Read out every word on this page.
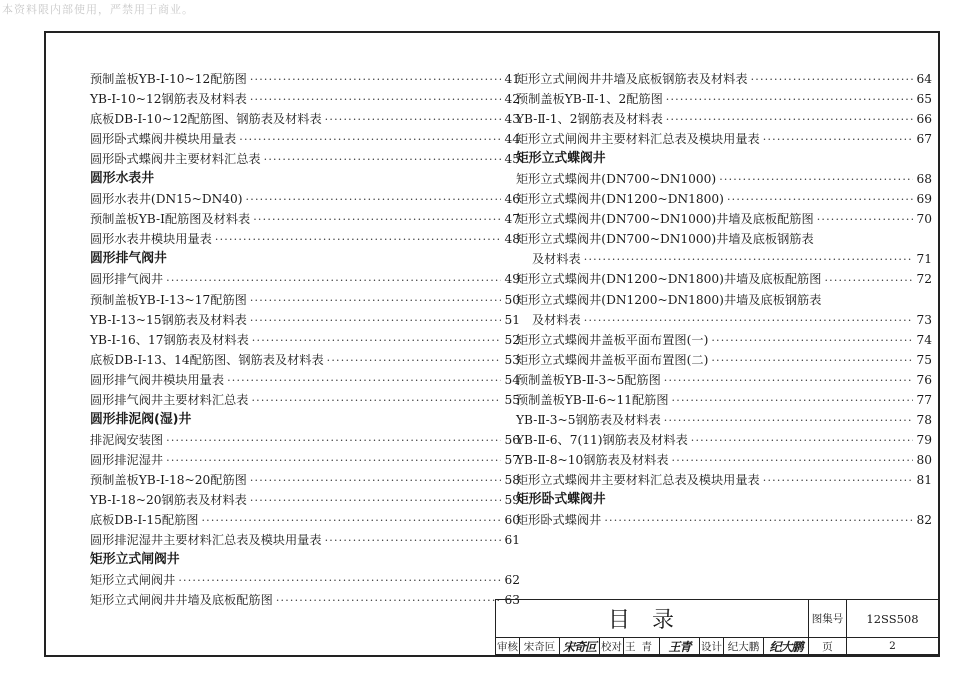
本资料限内部使用，严禁用于商业。
预制盖板YB-Ⅰ-10~12配筋图 ·····	41
YB-Ⅰ-10~12钢筋表及材料表 ·····	42
底板DB-Ⅰ-10~12配筋图、钢筋表及材料表 ·····	43
圆形卧式蝶阀井模块用量表 ·····	44
圆形卧式蝶阀井主要材料汇总表 ·····	45
圆形水表井
圆形水表井(DN15~DN40) ·····	46
预制盖板YB-Ⅰ配筋图及材料表 ·····	47
圆形水表井模块用量表 ·····	48
圆形排气阀井
圆形排气阀井 ·····	49
预制盖板YB-Ⅰ-13~17配筋图 ·····	50
YB-Ⅰ-13~15钢筋表及材料表 ·····	51
YB-Ⅰ-16、17钢筋表及材料表 ·····	52
底板DB-Ⅰ-13、14配筋图、钢筋表及材料表 ·····	53
圆形排气阀井模块用量表 ·····	54
圆形排气阀井主要材料汇总表 ·····	55
圆形排泥阀(湿)井
排泥阀安装图 ·····	56
圆形排泥湿井 ·····	57
预制盖板YB-Ⅰ-18~20配筋图 ·····	58
YB-Ⅰ-18~20钢筋表及材料表 ·····	59
底板DB-Ⅰ-15配筋图 ·····	60
圆形排泥湿井主要材料汇总表及模块用量表 ·····	61
矩形立式闸阀井
矩形立式闸阀井 ·····	62
矩形立式闸阀井井墙及底板配筋图 ·····	63
矩形立式闸阀井井墙及底板钢筋表及材料表 ·····	64
预制盖板YB-Ⅱ-1、2配筋图 ·····	65
YB-Ⅱ-1、2钢筋表及材料表 ·····	66
矩形立式闸阀井主要材料汇总表及模块用量表 ·····	67
矩形立式蝶阀井
矩形立式蝶阀井(DN700~DN1000) ·····	68
矩形立式蝶阀井(DN1200~DN1800) ·····	69
矩形立式蝶阀井(DN700~DN1000)井墙及底板配筋图 ·····	70
矩形立式蝶阀井(DN700~DN1000)井墙及底板钢筋表
及材料表 ·····	71
矩形立式蝶阀井(DN1200~DN1800)井墙及底板配筋图 ·····	72
矩形立式蝶阀井(DN1200~DN1800)井墙及底板钢筋表
及材料表 ·····	73
矩形立式蝶阀井盖板平面布置图(一) ·····	74
矩形立式蝶阀井盖板平面布置图(二) ·····	75
预制盖板YB-Ⅱ-3~5配筋图 ·····	76
预制盖板YB-Ⅱ-6~11配筋图 ·····	77
YB-Ⅱ-3~5钢筋表及材料表 ·····	78
YB-Ⅱ-6、7(11)钢筋表及材料表 ·····	79
YB-Ⅱ-8~10钢筋表及材料表 ·····	80
矩形立式蝶阀井主要材料汇总表及模块用量表 ·····	81
矩形卧式蝶阀井
矩形卧式蝶阀井 ·····	82
目录	图集号	12SS508
审核 宋奇叵 宋奇叵 校对 王青 王青	设计 纪大鹏 纪大鹏	页	2
